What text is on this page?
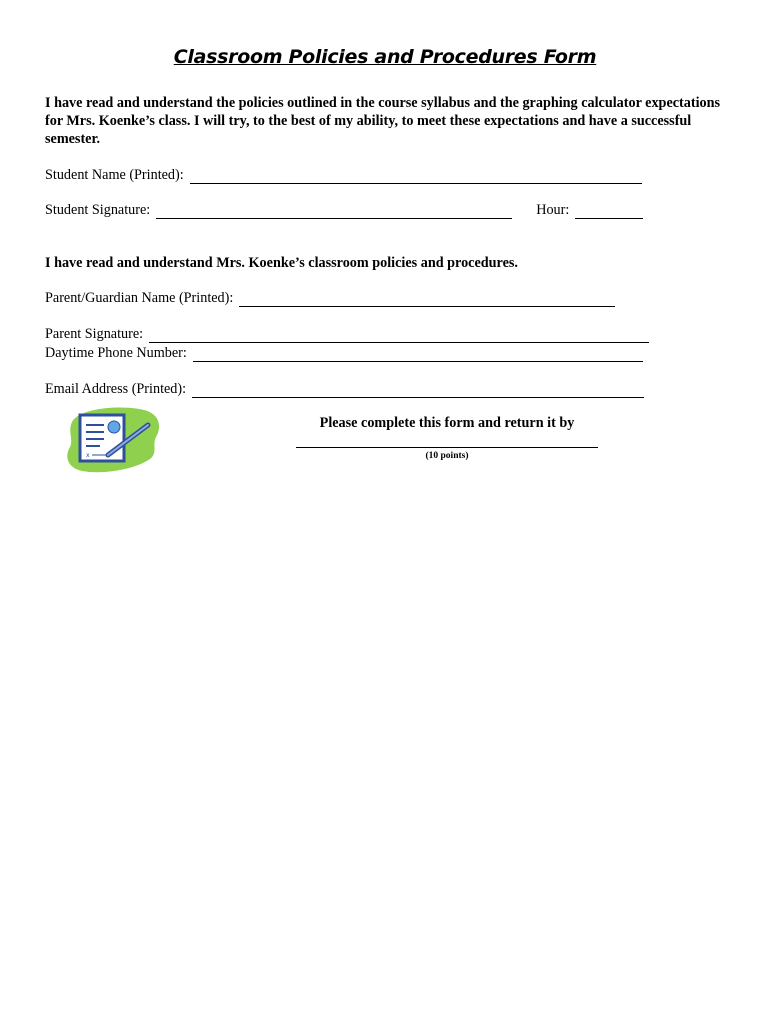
Classroom Policies and Procedures Form
I have read and understand the policies outlined in the course syllabus and the graphing calculator expectations for Mrs. Koenke’s class. I will try, to the best of my ability, to meet these expectations and have a successful semester.
Student Name (Printed):
Student Signature:	Hour:
I have read and understand Mrs. Koenke’s classroom policies and procedures.
Parent/Guardian Name (Printed):
Parent Signature:
Daytime Phone Number:
Email Address (Printed):
x
Please complete this form and return it by
(10 points)
